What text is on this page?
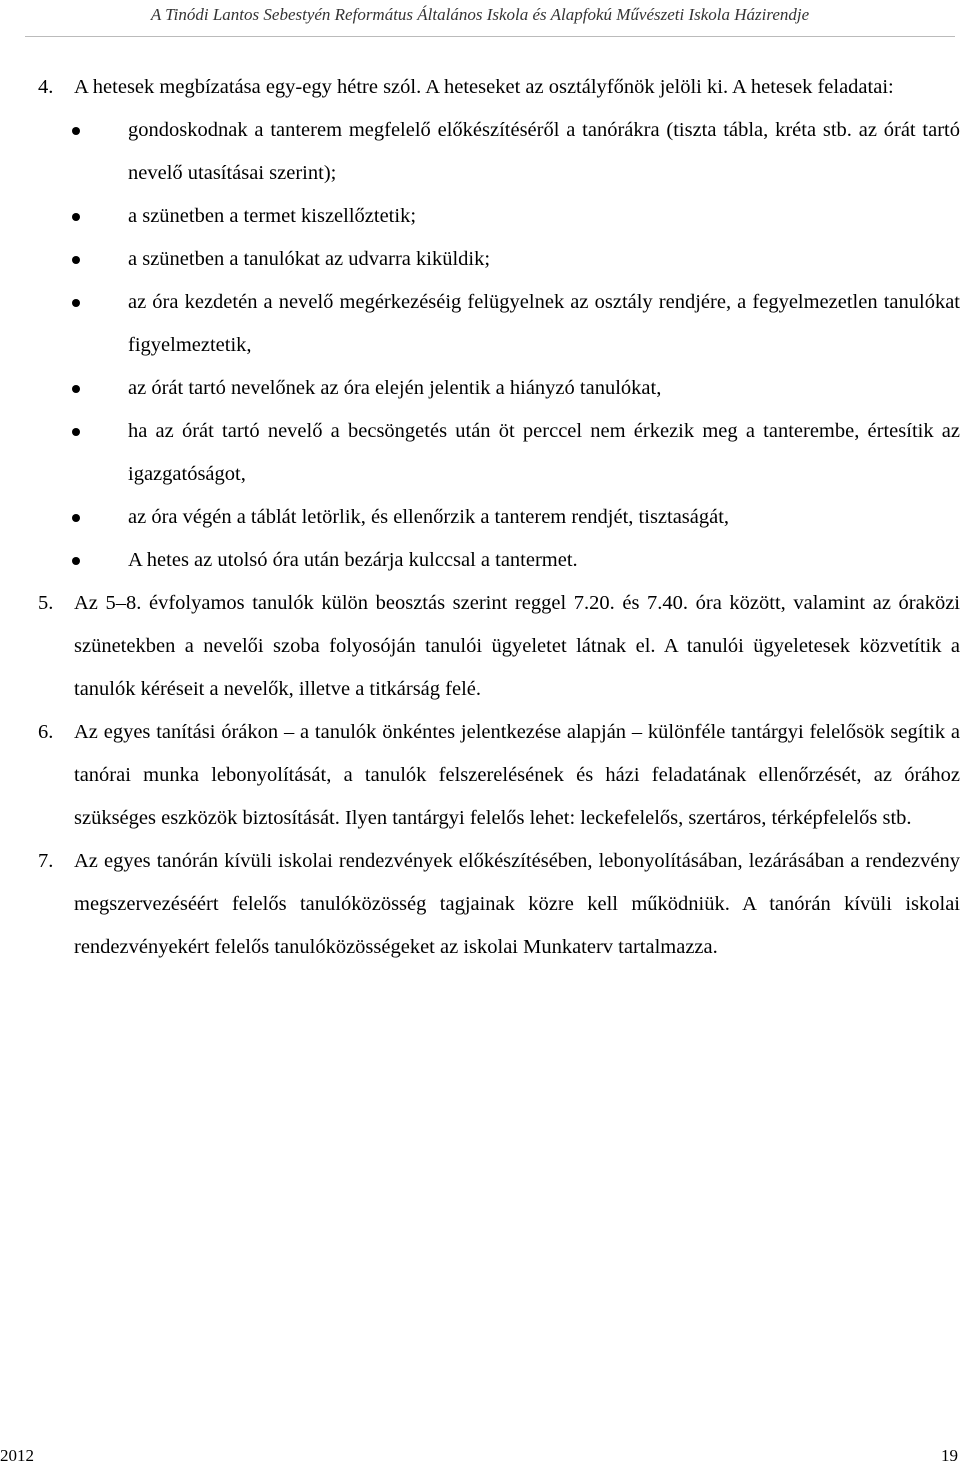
A Tinódi Lantos Sebestyén Református Általános Iskola és Alapfokú Művészeti Iskola Házirendje
4. A hetesek megbízatása egy-egy hétre szól. A heteseket az osztályfőnök jelöli ki. A hetesek feladatai:
gondoskodnak a tanterem megfelelő előkészítéséről a tanórákra (tiszta tábla, kréta stb. az órát tartó nevelő utasításai szerint);
a szünetben a termet kiszellőztetik;
a szünetben a tanulókat az udvarra kiküldik;
az óra kezdetén a nevelő megérkezéséig felügyelnek az osztály rendjére, a fegyelmezetlen tanulókat figyelmeztetik,
az órát tartó nevelőnek az óra elején jelentik a hiányzó tanulókat,
ha az órát tartó nevelő a becsöngetés után öt perccel nem érkezik meg a tanterembe, értesítik az igazgatóságot,
az óra végén a táblát letörlik, és ellenőrzik a tanterem rendjét, tisztaságát,
A hetes az utolsó óra után bezárja kulccsal a tantermet.
5. Az 5–8. évfolyamos tanulók külön beosztás szerint reggel 7.20. és 7.40. óra között, valamint az óraközi szünetekben a nevelői szoba folyosóján tanulói ügyeletet látnak el. A tanulói ügyeletesek közvetítik a tanulók kéréseit a nevelők, illetve a titkárság felé.
6. Az egyes tanítási órákon – a tanulók önkéntes jelentkezése alapján – különféle tantárgyi felelősök segítik a tanórai munka lebonyolítását, a tanulók felszerelésének és házi feladatának ellenőrzését, az órához szükséges eszközök biztosítását. Ilyen tantárgyi felelős lehet: leckefelelős, szertáros, térképfelelős stb.
7. Az egyes tanórán kívüli iskolai rendezvények előkészítésében, lebonyolításában, lezárásában a rendezvény megszervezéséért felelős tanulóközösség tagjainak közre kell működniük. A tanórán kívüli iskolai rendezvényekért felelős tanulóközösségeket az iskolai Munkaterv tartalmazza.
2012	19
